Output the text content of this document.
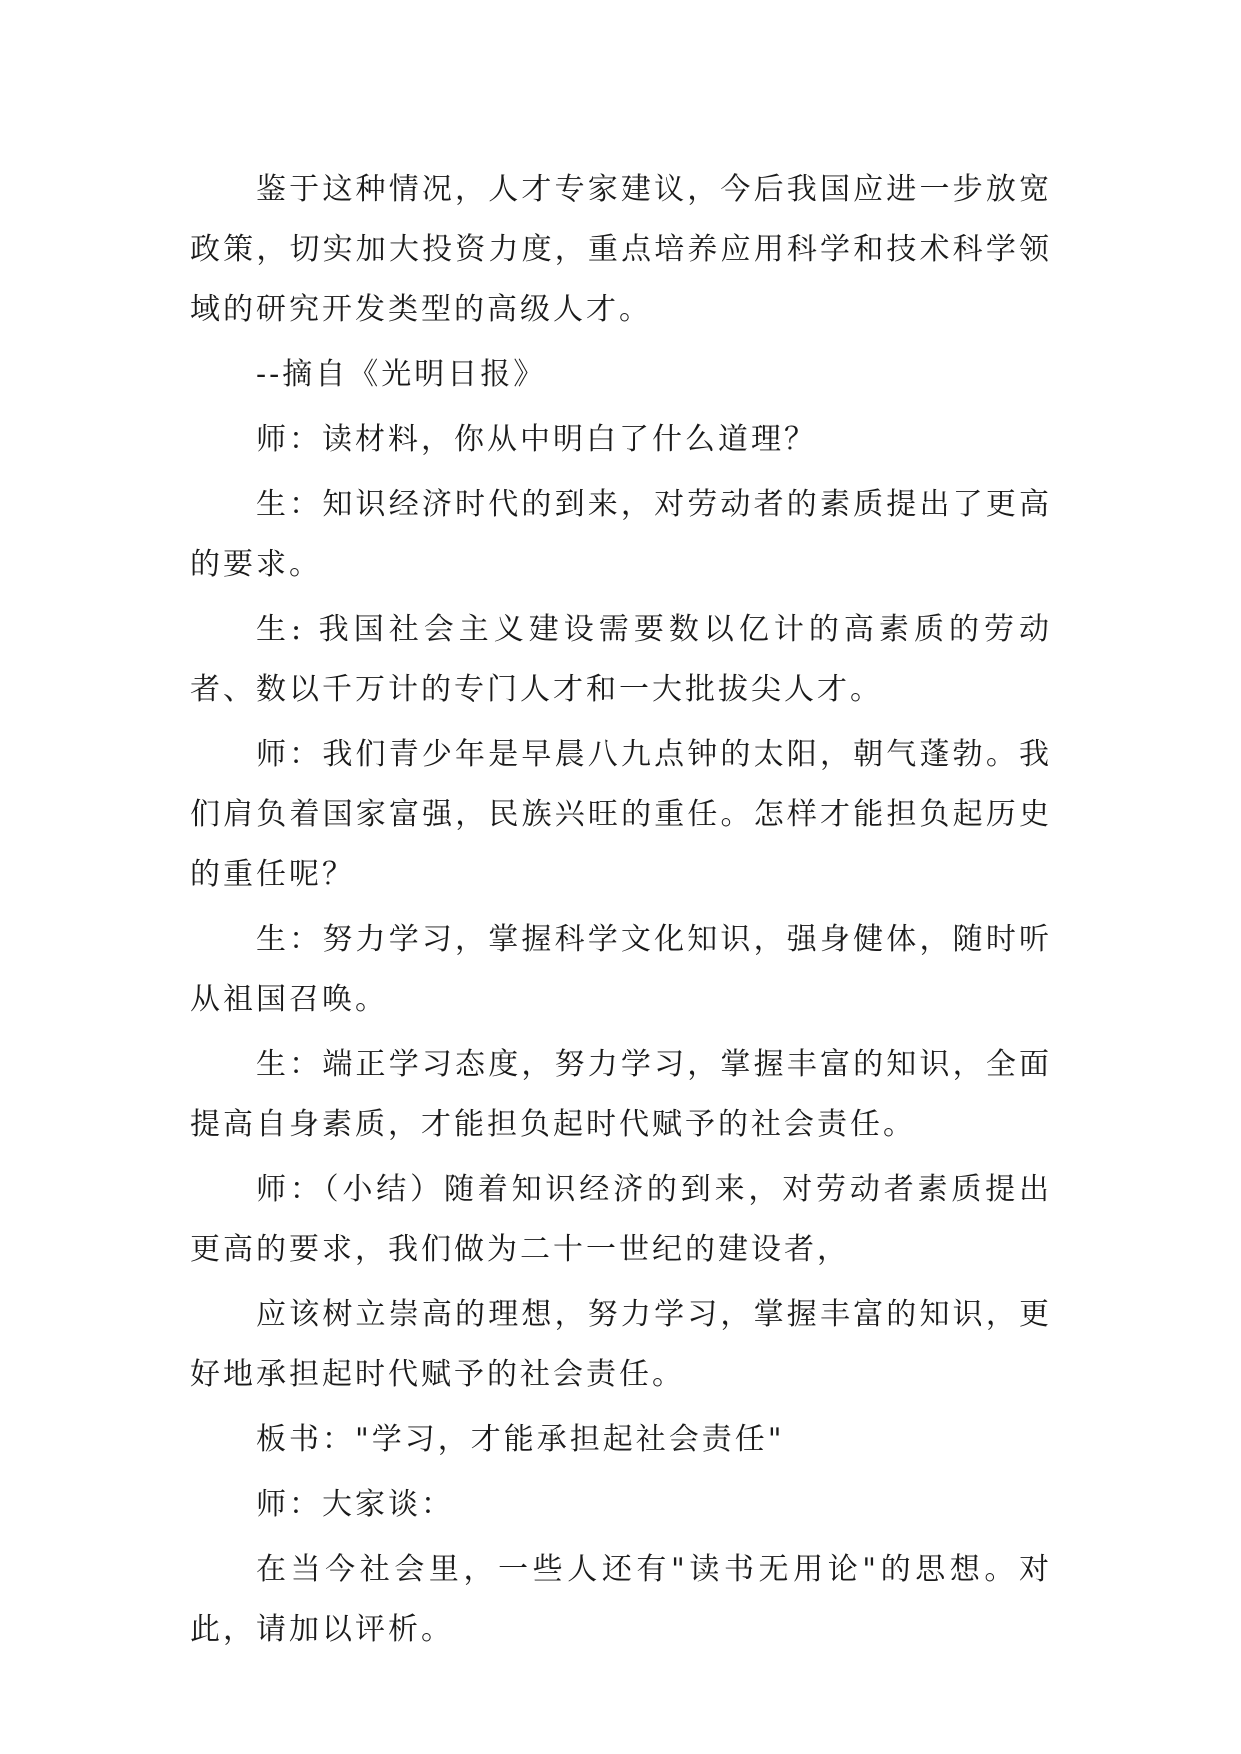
鉴于这种情况，人才专家建议，今后我国应进一步放宽政策，切实加大投资力度，重点培养应用科学和技术科学领域的研究开发类型的高级人才。

--摘自《光明日报》

师：读材料，你从中明白了什么道理？

生：知识经济时代的到来，对劳动者的素质提出了更高的要求。

生: 我国社会主义建设需要数以亿计的高素质的劳动者、数以千万计的专门人才和一大批拔尖人才。

师：我们青少年是早晨八九点钟的太阳，朝气蓬勃。我们肩负着国家富强，民族兴旺的重任。怎样才能担负起历史的重任呢？

生：努力学习，掌握科学文化知识，强身健体，随时听从祖国召唤。

生：端正学习态度，努力学习，掌握丰富的知识，全面提高自身素质，才能担负起时代赋予的社会责任。

师：（小结）随着知识经济的到来，对劳动者素质提出更高的要求，我们做为二十一世纪的建设者，

应该树立崇高的理想，努力学习，掌握丰富的知识，更好地承担起时代赋予的社会责任。

板书："学习，才能承担起社会责任"

师：大家谈：

在当今社会里，一些人还有"读书无用论"的思想。对此，请加以评析。
